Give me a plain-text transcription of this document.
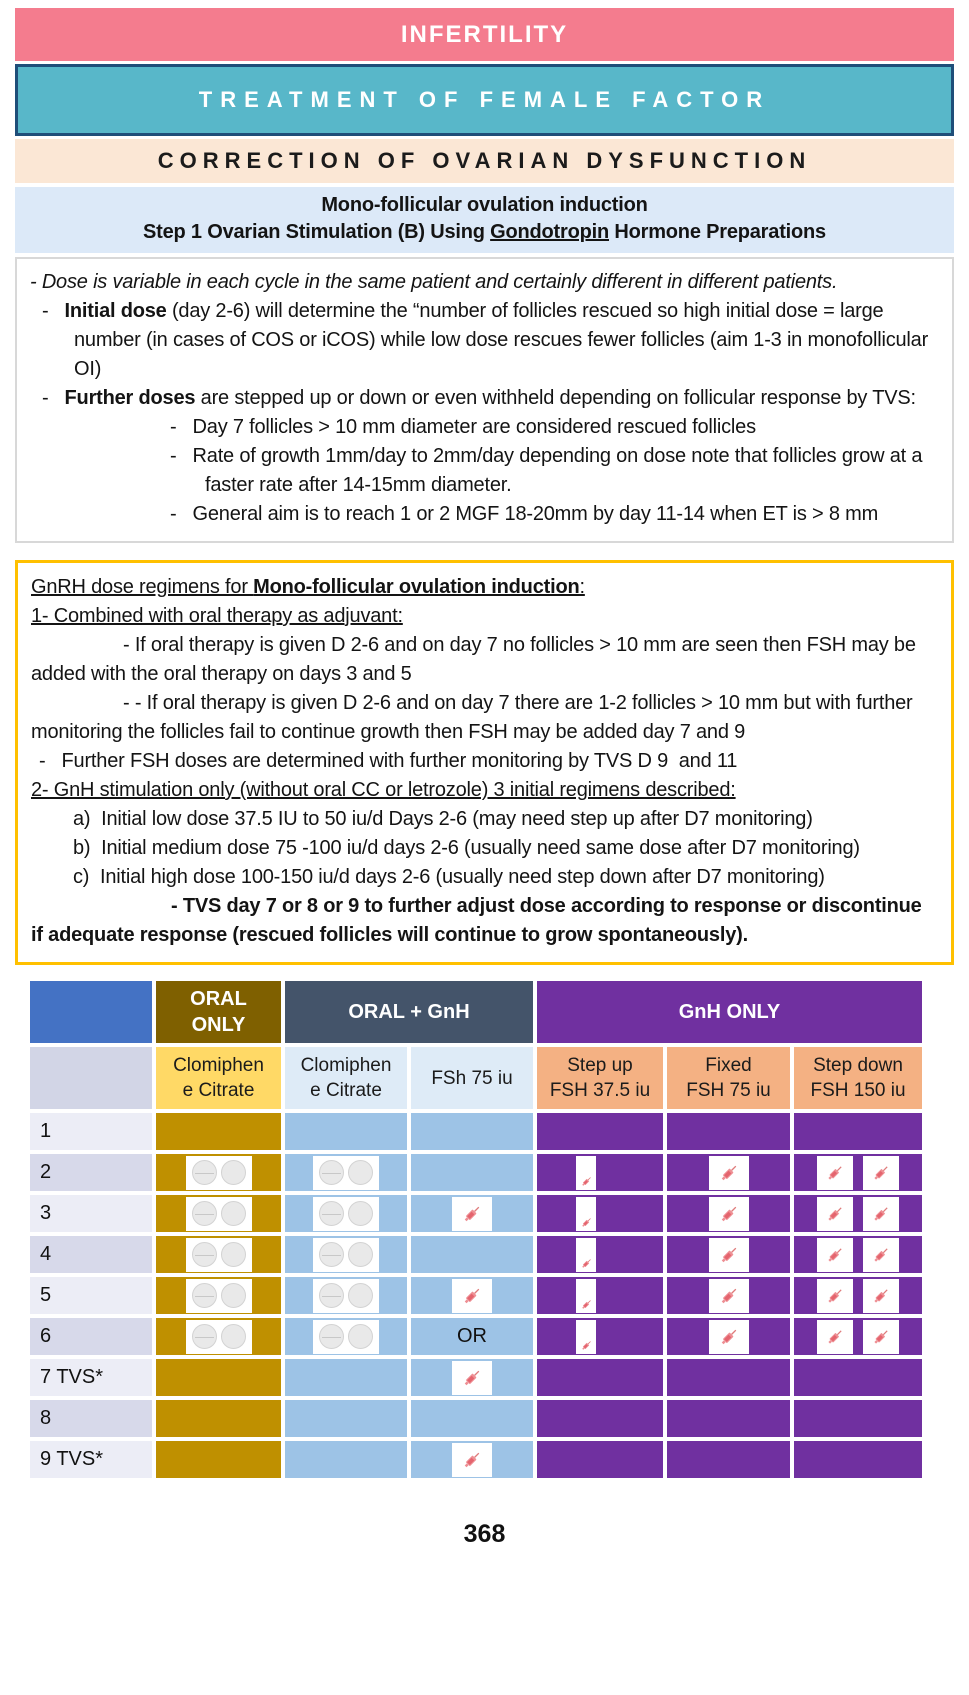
INFERTILITY
TREATMENT OF FEMALE FACTOR
CORRECTION OF OVARIAN DYSFUNCTION
Mono-follicular ovulation induction
Step 1 Ovarian Stimulation (B) Using Gondotropin Hormone Preparations
- Dose is variable in each cycle in the same patient and certainly different in different patients.
-   Initial dose (day 2-6) will determine the “number of follicles rescued so high initial dose = large number (in cases of COS or iCOS) while low dose rescues fewer follicles (aim 1-3 in monofollicular OI)
-   Further doses are stepped up or down or even withheld depending on follicular response by TVS:
-   Day 7 follicles > 10 mm diameter are considered rescued follicles
-   Rate of growth 1mm/day to 2mm/day depending on dose note that follicles grow at a faster rate after 14-15mm diameter.
-   General aim is to reach 1 or 2 MGF 18-20mm by day 11-14 when ET is > 8 mm
GnRH dose regimens for Mono-follicular ovulation induction:
1- Combined with oral therapy as adjuvant:
- If oral therapy is given D 2-6 and on day 7 no follicles > 10 mm are seen then FSH may be added with the oral therapy on days 3 and 5
- - If oral therapy is given D 2-6 and on day 7 there are 1-2 follicles > 10 mm but with further monitoring the follicles fail to continue growth then FSH may be added day 7 and 9
-   Further FSH doses are determined with further monitoring by TVS D 9  and 11
2- GnH stimulation only (without oral CC or letrozole) 3 initial regimens described:
a)  Initial low dose 37.5 IU to 50 iu/d Days 2-6 (may need step up after D7 monitoring)
b)  Initial medium dose 75 -100 iu/d days 2-6 (usually need same dose after D7 monitoring)
c)  Initial high dose 100-150 iu/d days 2-6 (usually need step down after D7 monitoring)
- TVS day 7 or 8 or 9 to further adjust dose according to response or discontinue if adequate response (rescued follicles will continue to grow spontaneously).
ORAL
ONLY
ORAL + GnH	GnH ONLY
Clomiphen
e Citrate
Clomiphen
e Citrate
FSh 75 iu
Step up
FSH 37.5 iu
Fixed
FSH 75 iu
Step down
FSH 150 iu
1
2
3
4
5
6	OR
7 TVS*
8
9 TVS*
368
